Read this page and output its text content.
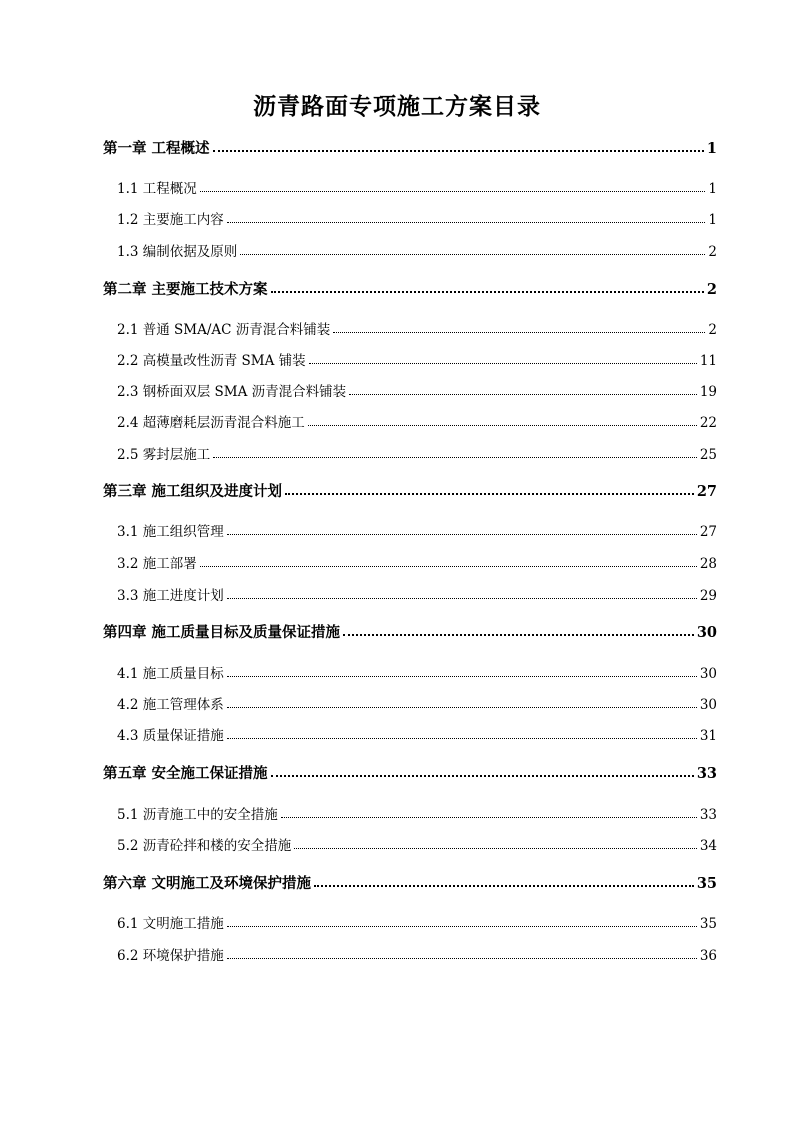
沥青路面专项施工方案目录
第一章 工程概述	1
1.1 工程概况	1
1.2 主要施工内容	1
1.3 编制依据及原则	2
第二章 主要施工技术方案	2
2.1 普通 SMA/AC 沥青混合料铺装	2
2.2 高模量改性沥青 SMA 铺装	11
2.3 钢桥面双层 SMA 沥青混合料铺装	19
2.4 超薄磨耗层沥青混合料施工	22
2.5 雾封层施工	25
第三章 施工组织及进度计划	27
3.1 施工组织管理	27
3.2 施工部署	28
3.3 施工进度计划	29
第四章 施工质量目标及质量保证措施	30
4.1 施工质量目标	30
4.2 施工管理体系	30
4.3 质量保证措施	31
第五章 安全施工保证措施	33
5.1 沥青施工中的安全措施	33
5.2 沥青砼拌和楼的安全措施	34
第六章 文明施工及环境保护措施	35
6.1 文明施工措施	35
6.2 环境保护措施	36
